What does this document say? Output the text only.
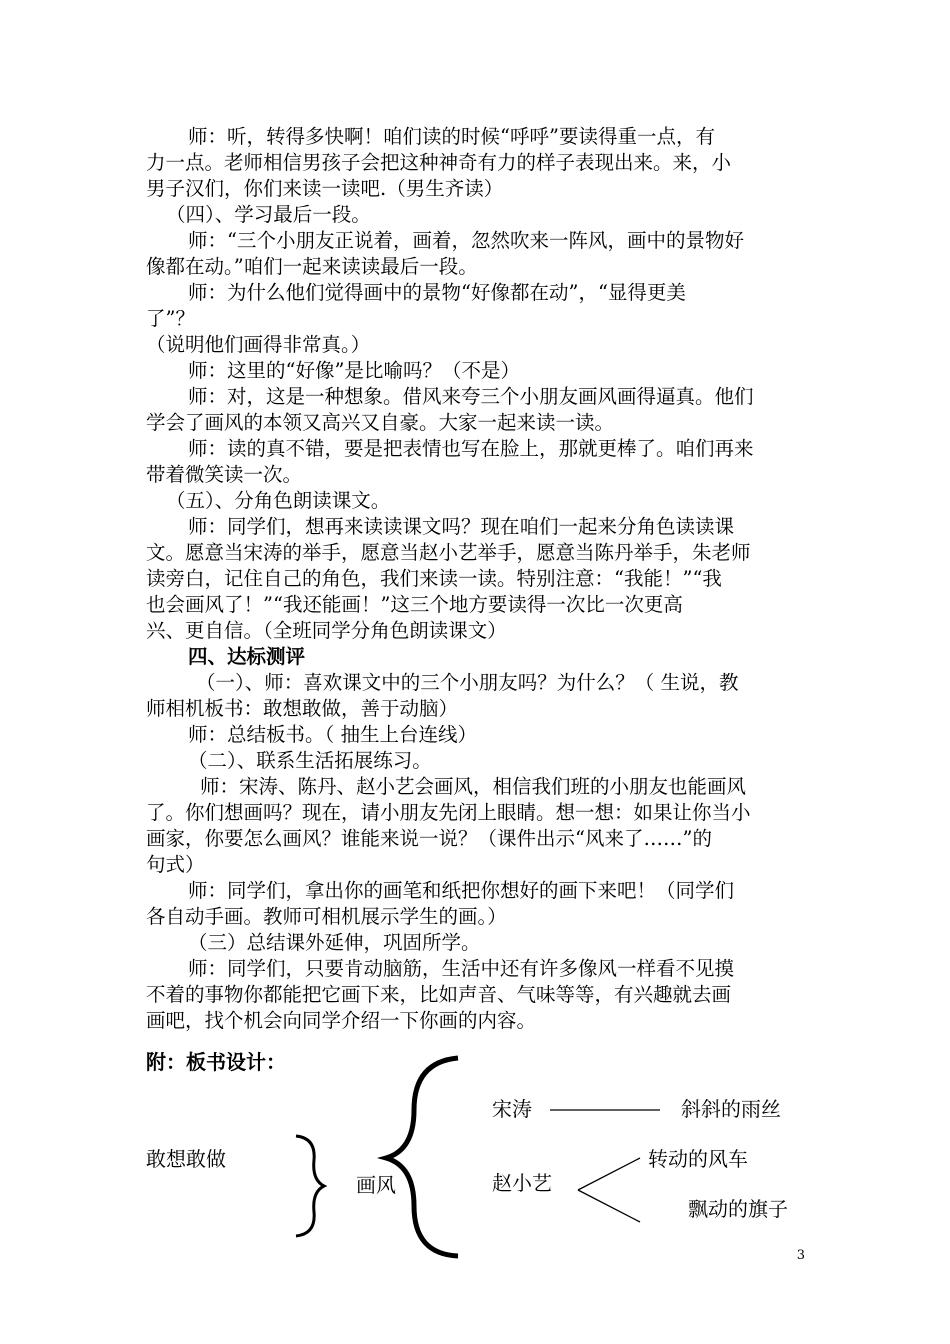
师：听，转得多快啊！咱们读的时候“呼呼”要读得重一点，有
力一点。老师相信男孩子会把这种神奇有力的样子表现出来。来，小
男子汉们，你们来读一读吧.（男生齐读）
（四）、学习最后一段。
师：“三个小朋友正说着，画着，忽然吹来一阵风，画中的景物好
像都在动。”咱们一起来读读最后一段。
师：为什么他们觉得画中的景物“好像都在动”，“显得更美
了”？
（说明他们画得非常真。）
师：这里的“好像”是比喻吗？（不是）
师：对，这是一种想象。借风来夸三个小朋友画风画得逼真。他们
学会了画风的本领又高兴又自豪。大家一起来读一读。
师：读的真不错，要是把表情也写在脸上，那就更棒了。咱们再来
带着微笑读一次。
（五）、分角色朗读课文。
师：同学们，想再来读读课文吗？现在咱们一起来分角色读读课
文。愿意当宋涛的举手，愿意当赵小艺举手，愿意当陈丹举手，朱老师
读旁白，记住自己的角色，我们来读一读。特别注意：“我能！”“我
也会画风了！”“我还能画！”这三个地方要读得一次比一次更高
兴、更自信。（全班同学分角色朗读课文）
四、达标测评
（一）、师：喜欢课文中的三个小朋友吗？为什么？（ 生说，教
师相机板书：敢想敢做，善于动脑）
师：总结板书。（ 抽生上台连线）
（二）、联系生活拓展练习。
师：宋涛、陈丹、赵小艺会画风，相信我们班的小朋友也能画风
了。你们想画吗？现在，请小朋友先闭上眼睛。想一想：如果让你当小
画家，你要怎么画风？谁能来说一说？（课件出示“风来了……”的
句式）
师：同学们，拿出你的画笔和纸把你想好的画下来吧！（同学们
各自动手画。教师可相机展示学生的画。）
（三）总结课外延伸，巩固所学。
师：同学们，只要肯动脑筋，生活中还有许多像风一样看不见摸
不着的事物你都能把它画下来，比如声音、气味等等，有兴趣就去画
画吧，找个机会向同学介绍一下你画的内容。
附：板书设计：
敢想敢做
画风
宋涛	斜斜的雨丝
赵小艺
转动的风车
飘动的旗子
3
